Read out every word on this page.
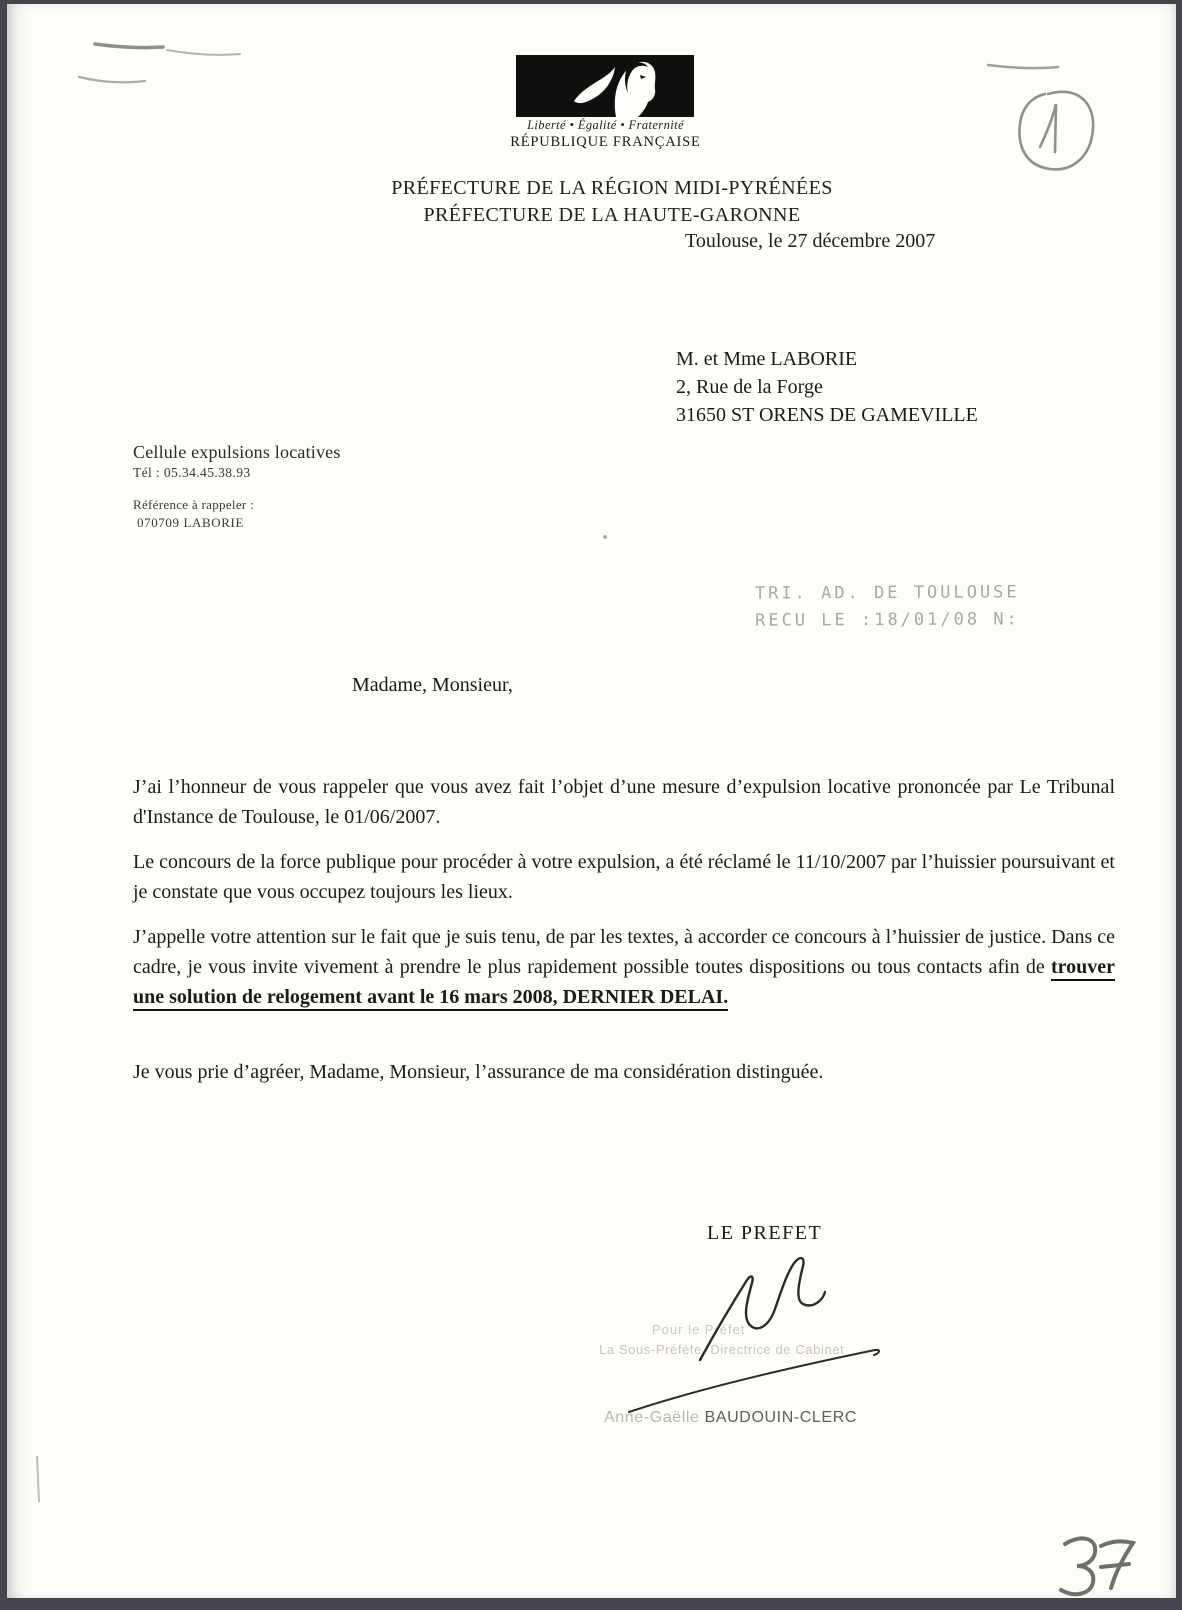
Liberté • Égalité • Fraternité
RÉPUBLIQUE FRANÇAISE
PRÉFECTURE DE LA RÉGION MIDI-PYRÉNÉES
PRÉFECTURE DE LA HAUTE-GARONNE
Toulouse, le 27 décembre 2007
M. et Mme LABORIE
2, Rue de la Forge
31650 ST ORENS DE GAMEVILLE
Cellule expulsions locatives
Tél : 05.34.45.38.93
Référence à rappeler :
070709 LABORIE
TRI. AD. DE TOULOUSE
RECU LE :18/01/08 N:
Madame, Monsieur,
J’ai l’honneur de vous rappeler que vous avez fait l’objet d’une mesure d’expulsion locative prononcée par Le Tribunal d'Instance de Toulouse, le 01/06/2007.
Le concours de la force publique pour procéder à votre expulsion, a été réclamé le 11/10/2007 par l’huissier poursuivant et je constate que vous occupez toujours les lieux.
J’appelle votre attention sur le fait que je suis tenu, de par les textes, à accorder ce concours à l’huissier de justice. Dans ce cadre, je vous invite vivement à prendre le plus rapidement possible toutes dispositions ou tous contacts afin de trouver une solution de relogement avant le 16 mars 2008, DERNIER DELAI.
Je vous prie d’agréer, Madame, Monsieur, l’assurance de ma considération distinguée.
LE PREFET
Pour le Préfet
La Sous-Préfète, Directrice de Cabinet
Anne-Gaëlle BAUDOUIN-CLERC
